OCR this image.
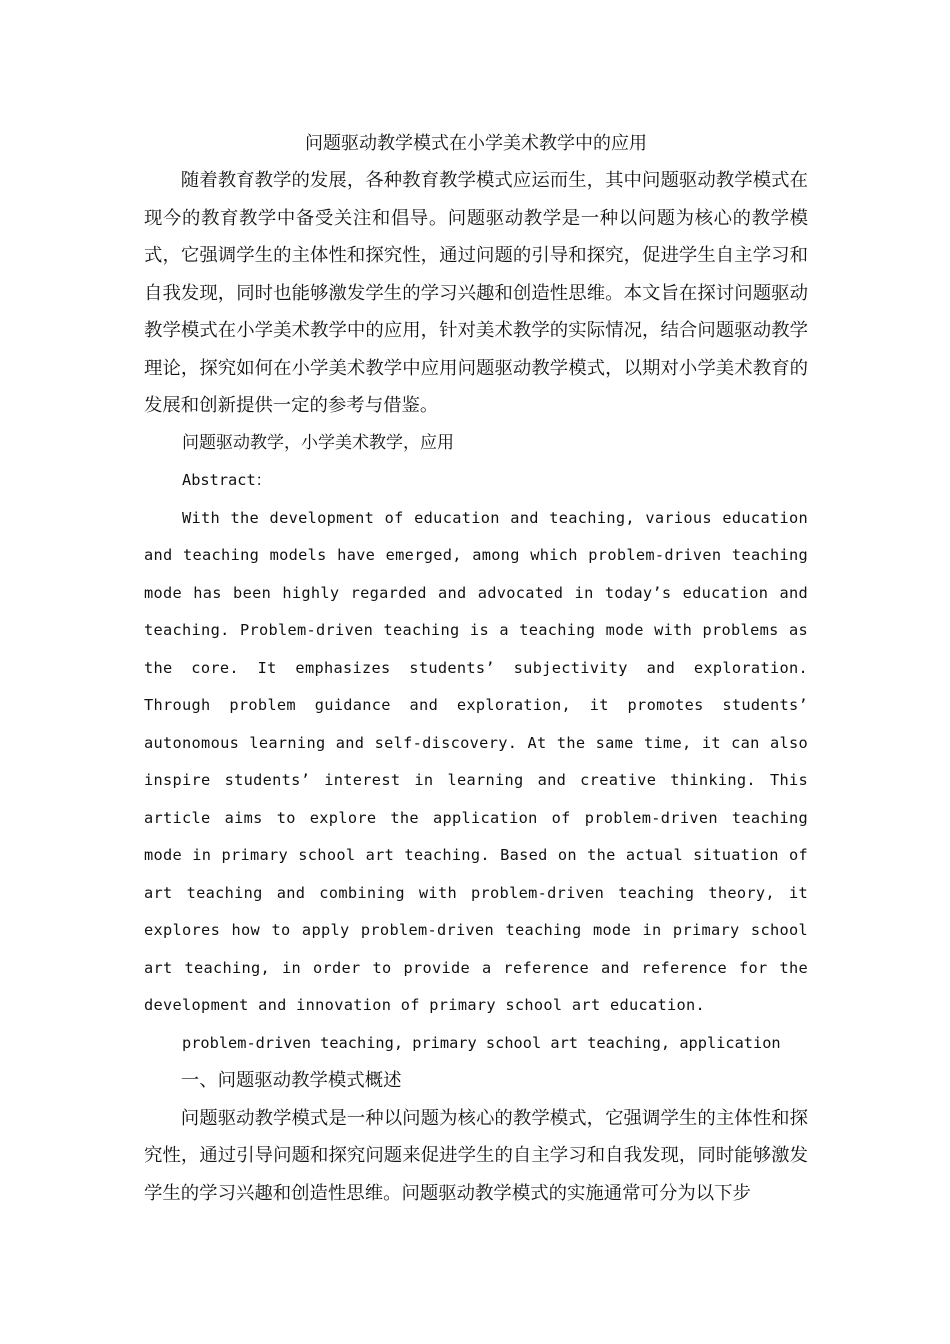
问题驱动教学模式在小学美术教学中的应用

随着教育教学的发展，各种教育教学模式应运而生，其中问题驱动教学模式在现今的教育教学中备受关注和倡导。问题驱动教学是一种以问题为核心的教学模式，它强调学生的主体性和探究性，通过问题的引导和探究，促进学生自主学习和自我发现，同时也能够激发学生的学习兴趣和创造性思维。本文旨在探讨问题驱动教学模式在小学美术教学中的应用，针对美术教学的实际情况，结合问题驱动教学理论，探究如何在小学美术教学中应用问题驱动教学模式，以期对小学美术教育的发展和创新提供一定的参考与借鉴。

问题驱动教学，小学美术教学，应用

Abstract：

With the development of education and teaching, various education and teaching models have emerged, among which problem-driven teaching mode has been highly regarded and advocated in today’s education and teaching. Problem-driven teaching is a teaching mode with problems as the core. It emphasizes students’ subjectivity and exploration. Through problem guidance and exploration, it promotes students’ autonomous learning and self-discovery. At the same time, it can also inspire students’ interest in learning and creative thinking. This article aims to explore the application of problem-driven teaching mode in primary school art teaching. Based on the actual situation of art teaching and combining with problem-driven teaching theory, it explores how to apply problem-driven teaching mode in primary school art teaching, in order to provide a reference and reference for the development and innovation of primary school art education.

problem-driven teaching, primary school art teaching, application

一、问题驱动教学模式概述

问题驱动教学模式是一种以问题为核心的教学模式，它强调学生的主体性和探究性，通过引导问题和探究问题来促进学生的自主学习和自我发现，同时能够激发学生的学习兴趣和创造性思维。问题驱动教学模式的实施通常可分为以下步
